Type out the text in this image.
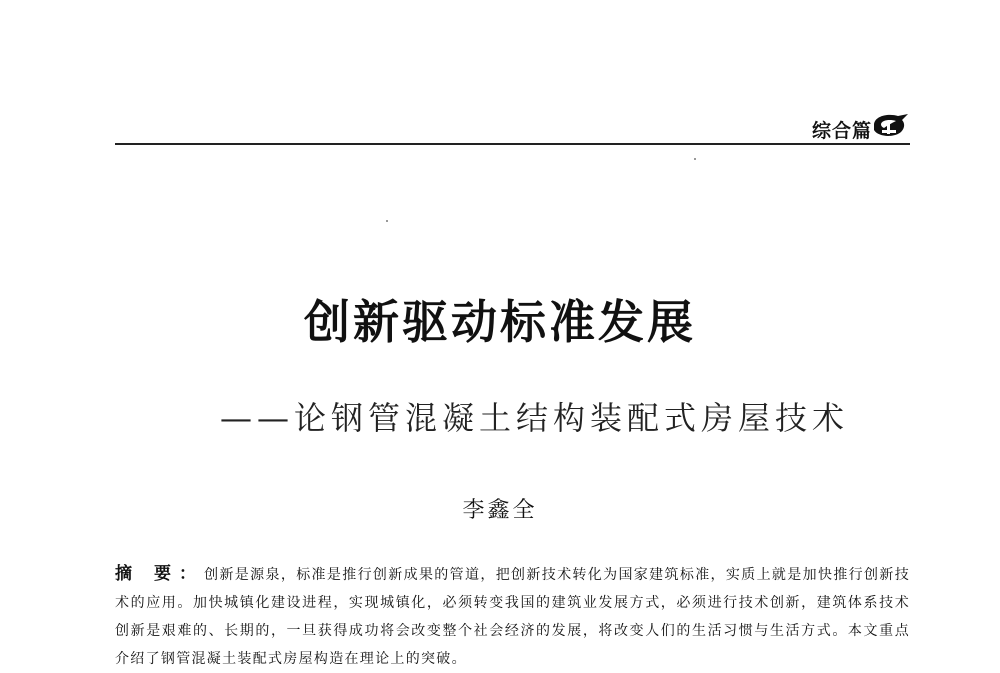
综合篇
创新驱动标准发展
——论钢管混凝土结构装配式房屋技术
李鑫全

摘 要：创新是源泉，标准是推行创新成果的管道，把创新技术转化为国家建筑标准，实质上就是加快推行创新技术的应用。加快城镇化建设进程，实现城镇化，必须转变我国的建筑业发展方式，必须进行技术创新，建筑体系技术创新是艰难的、长期的，一旦获得成功将会改变整个社会经济的发展，将改变人们的生活习惯与生活方式。本文重点介绍了钢管混凝土装配式房屋构造在理论上的突破。
